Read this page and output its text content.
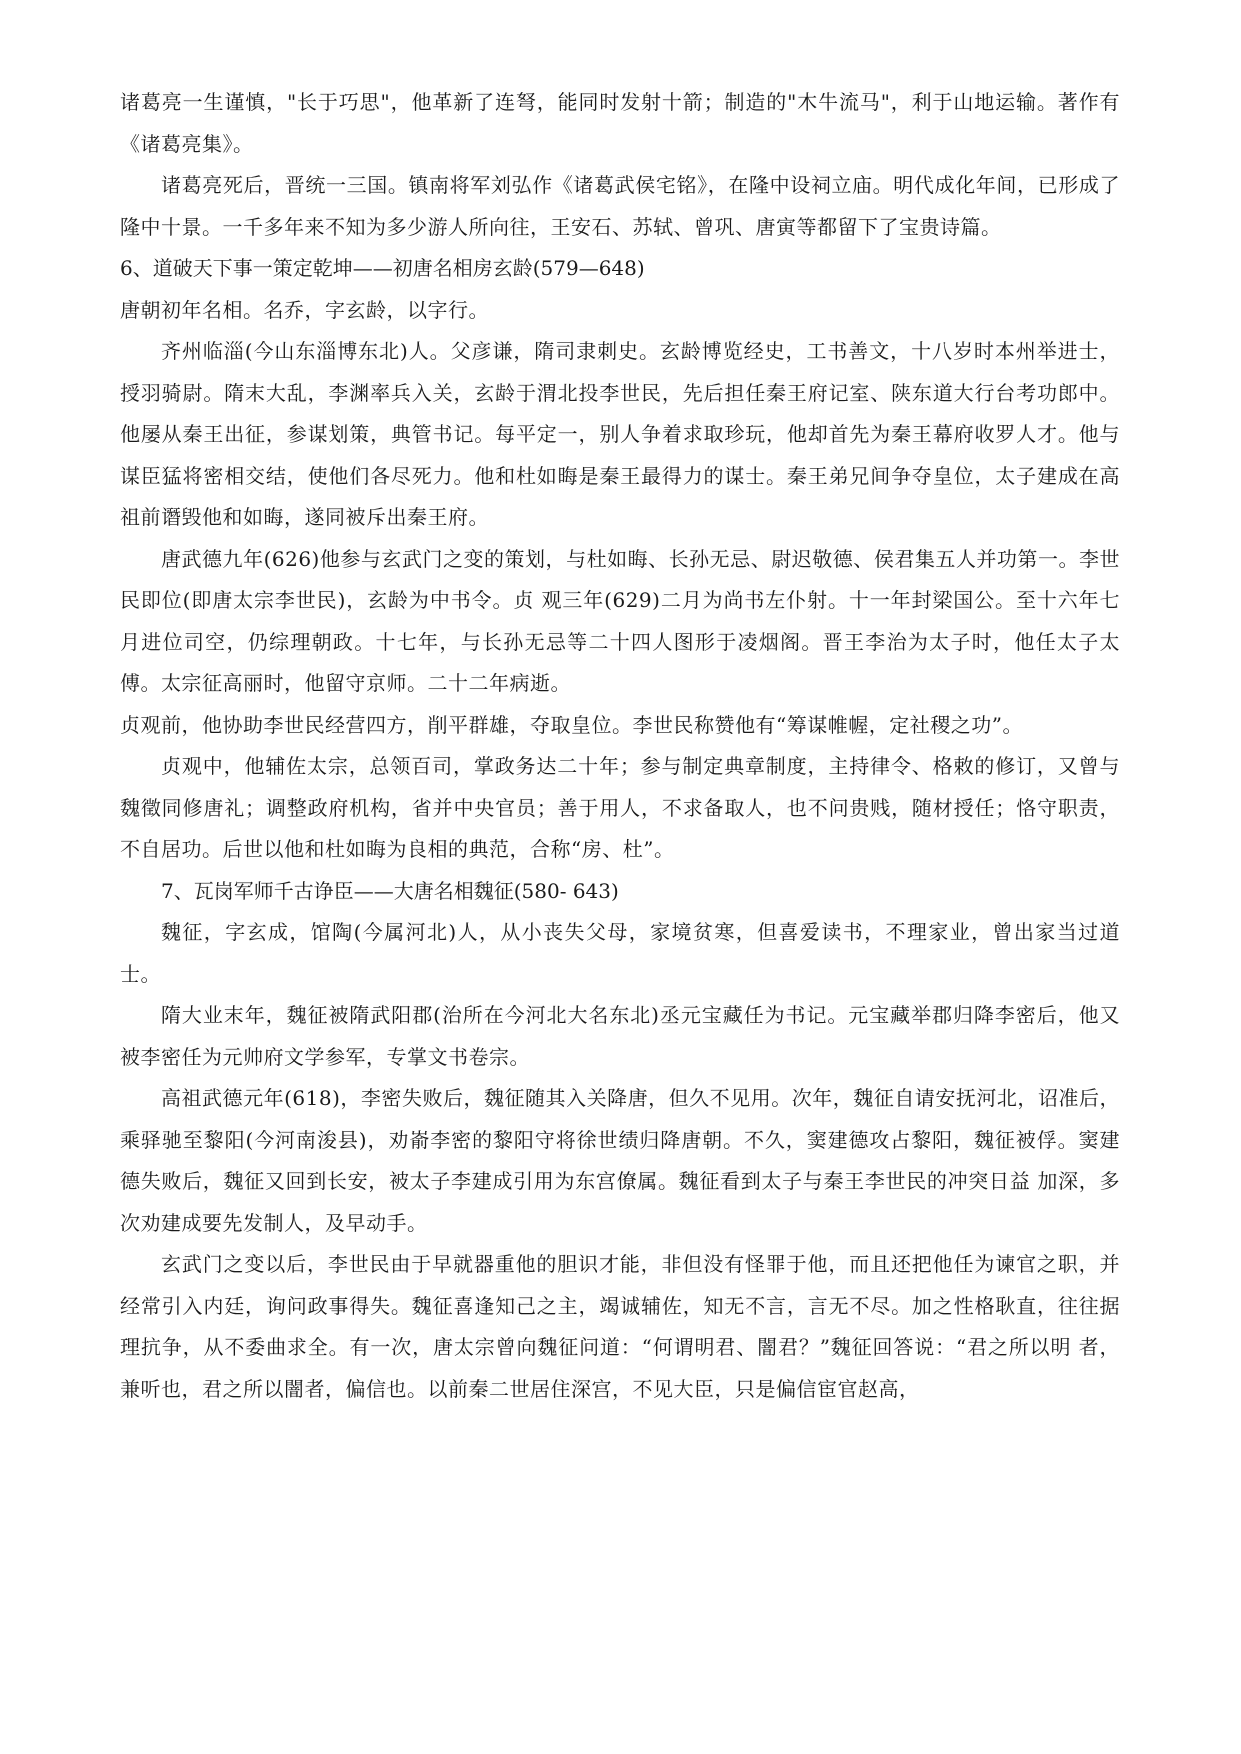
诸葛亮一生谨慎，"长于巧思"，他革新了连弩，能同时发射十箭；制造的"木牛流马"，利于山地运输。著作有《诸葛亮集》。

诸葛亮死后，晋统一三国。镇南将军刘弘作《诸葛武侯宅铭》，在隆中设祠立庙。明代成化年间，已形成了隆中十景。一千多年来不知为多少游人所向往，王安石、苏轼、曾巩、唐寅等都留下了宝贵诗篇。

6、道破天下事一策定乾坤——初唐名相房玄龄(579—648)

唐朝初年名相。名乔，字玄龄，以字行。

齐州临淄(今山东淄博东北)人。父彦谦，隋司隶刺史。玄龄博览经史，工书善文，十八岁时本州举进士，授羽骑尉。隋末大乱，李渊率兵入关，玄龄于渭北投李世民，先后担任秦王府记室、陕东道大行台考功郎中。他屡从秦王出征，参谋划策，典管书记。每平定一，别人争着求取珍玩，他却首先为秦王幕府收罗人才。他与谋臣猛将密相交结，使他们各尽死力。他和杜如晦是秦王最得力的谋士。秦王弟兄间争夺皇位，太子建成在高祖前谮毁他和如晦，遂同被斥出秦王府。

唐武德九年(626)他参与玄武门之变的策划，与杜如晦、长孙无忌、尉迟敬德、侯君集五人并功第一。李世民即位(即唐太宗李世民)，玄龄为中书令。贞 观三年(629)二月为尚书左仆射。十一年封梁国公。至十六年七月进位司空，仍综理朝政。十七年，与长孙无忌等二十四人图形于凌烟阁。晋王李治为太子时，他任太子太傅。太宗征高丽时，他留守京师。二十二年病逝。

贞观前，他协助李世民经营四方，削平群雄，夺取皇位。李世民称赞他有“筹谋帷幄，定社稷之功”。

贞观中，他辅佐太宗，总领百司，掌政务达二十年；参与制定典章制度，主持律令、格敕的修订，又曾与魏徵同修唐礼；调整政府机构，省并中央官员；善于用人，不求备取人，也不问贵贱，随材授任；恪守职责，不自居功。后世以他和杜如晦为良相的典范，合称“房、杜”。

7、瓦岗军师千古诤臣——大唐名相魏征(580- 643)

魏征，字玄成，馆陶(今属河北)人，从小丧失父母，家境贫寒，但喜爱读书，不理家业，曾出家当过道士。

隋大业末年，魏征被隋武阳郡(治所在今河北大名东北)丞元宝藏任为书记。元宝藏举郡归降李密后，他又被李密任为元帅府文学参军，专掌文书卷宗。

高祖武德元年(618)，李密失败后，魏征随其入关降唐，但久不见用。次年，魏征自请安抚河北，诏准后，乘驿驰至黎阳(今河南浚县)，劝嵛李密的黎阳守将徐世绩归降唐朝。不久，窦建德攻占黎阳，魏征被俘。窦建德失败后，魏征又回到长安，被太子李建成引用为东宫僚属。魏征看到太子与秦王李世民的冲突日益 加深，多次劝建成要先发制人，及早动手。

玄武门之变以后，李世民由于早就器重他的胆识才能，非但没有怪罪于他，而且还把他任为谏官之职，并经常引入内廷，询问政事得失。魏征喜逢知己之主，竭诚辅佐，知无不言，言无不尽。加之性格耿直，往往据理抗争，从不委曲求全。有一次，唐太宗曾向魏征问道：“何谓明君、闇君？”魏征回答说：“君之所以明 者，兼听也，君之所以闇者，偏信也。以前秦二世居住深宫，不见大臣，只是偏信宦官赵高，
